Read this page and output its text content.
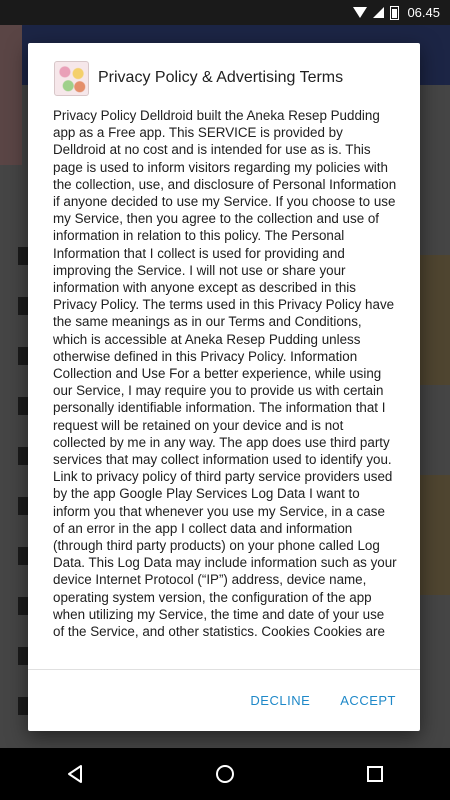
06.45
Privacy Policy & Advertising Terms
Privacy Policy Delldroid built the Aneka Resep Pudding app as a Free app. This SERVICE is provided by Delldroid at no cost and is intended for use as is. This page is used to inform visitors regarding my policies with the collection, use, and disclosure of Personal Information if anyone decided to use my Service. If you choose to use my Service, then you agree to the collection and use of information in relation to this policy. The Personal Information that I collect is used for providing and improving the Service. I will not use or share your information with anyone except as described in this Privacy Policy. The terms used in this Privacy Policy have the same meanings as in our Terms and Conditions, which is accessible at Aneka Resep Pudding unless otherwise defined in this Privacy Policy. Information Collection and Use For a better experience, while using our Service, I may require you to provide us with certain personally identifiable information. The information that I request will be retained on your device and is not collected by me in any way. The app does use third party services that may collect information used to identify you. Link to privacy policy of third party service providers used by the app Google Play Services Log Data I want to inform you that whenever you use my Service, in a case of an error in the app I collect data and information (through third party products) on your phone called Log Data. This Log Data may include information such as your device Internet Protocol (“IP”) address, device name, operating system version, the configuration of the app when utilizing my Service, the time and date of your use of the Service, and other statistics. Cookies Cookies are
DECLINE ACCEPT
